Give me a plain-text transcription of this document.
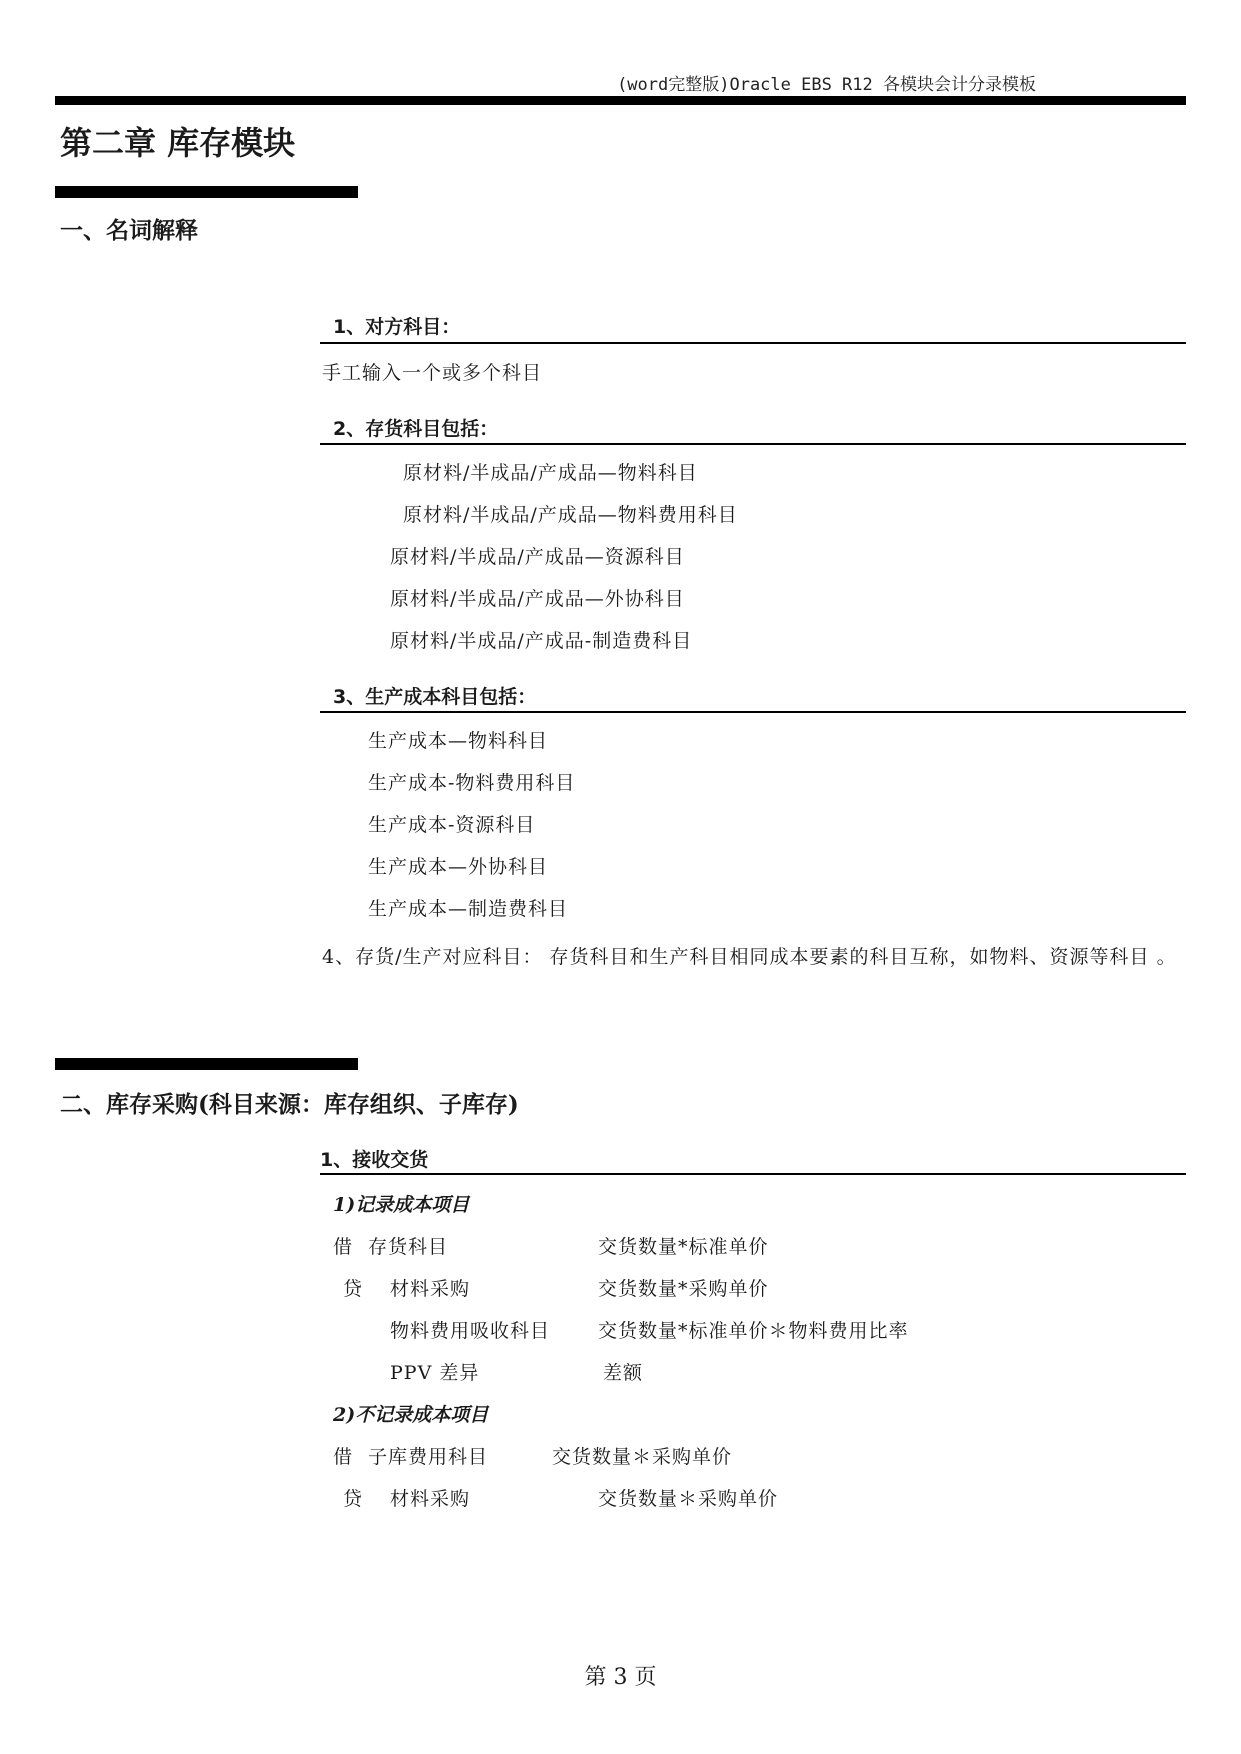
(word完整版)Oracle EBS R12 各模块会计分录模板
第二章 库存模块
一、名词解释
1、对方科目：
手工输入一个或多个科目
2、存货科目包括：
原材料/半成品/产成品—物料科目
原材料/半成品/产成品—物料费用科目
原材料/半成品/产成品—资源科目
原材料/半成品/产成品—外协科目
原材料/半成品/产成品-制造费科目
3、生产成本科目包括：
生产成本—物料科目
生产成本-物料费用科目
生产成本-资源科目
生产成本—外协科目
生产成本—制造费科目
4、存货/生产对应科目： 存货科目和生产科目相同成本要素的科目互称，如物料、资源等科目 。
二、库存采购(科目来源：库存组织、子库存)
1、接收交货
1)记录成本项目
借 存货科目	交货数量*标准单价
贷 材料采购	交货数量*采购单价
物料费用吸收科目	交货数量*标准单价＊物料费用比率
PPV 差异	差额
2)不记录成本项目
借 子库费用科目	交货数量＊采购单价
贷 材料采购	交货数量＊采购单价
第 3 页
